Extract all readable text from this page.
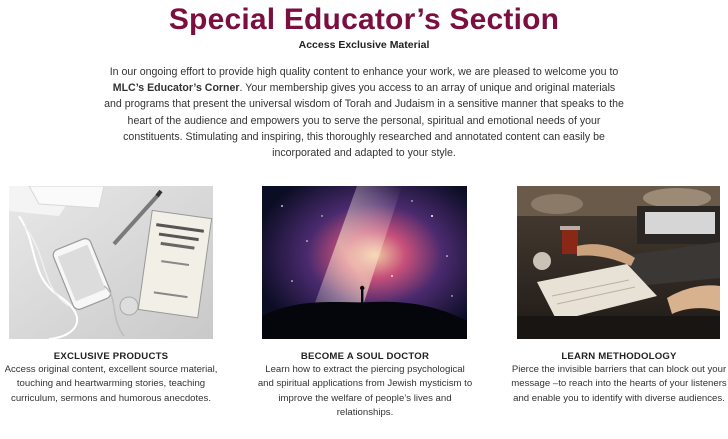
Special Educator’s Section
Access Exclusive Material

In our ongoing effort to provide high quality content to enhance your work, we are pleased to welcome you to MLC’s Educator’s Corner. Your membership gives you access to an array of unique and original materials and programs that present the universal wisdom of Torah and Judaism in a sensitive manner that speaks to the heart of the audience and empowers you to serve the personal, spiritual and emotional needs of your constituents. Stimulating and inspiring, this thoroughly researched and annotated content can easily be incorporated and adapted to your style.

EXCLUSIVE PRODUCTS
Access original content, excellent source material, touching and heartwarming stories, teaching curriculum, sermons and humorous anecdotes.
BECOME A SOUL DOCTOR
Learn how to extract the piercing psychological and spiritual applications from Jewish mysticism to improve the welfare of people’s lives and relationships.
LEARN METHODOLOGY
Pierce the invisible barriers that can block out your message –to reach into the hearts of your listeners and enable you to identify with diverse audiences.
